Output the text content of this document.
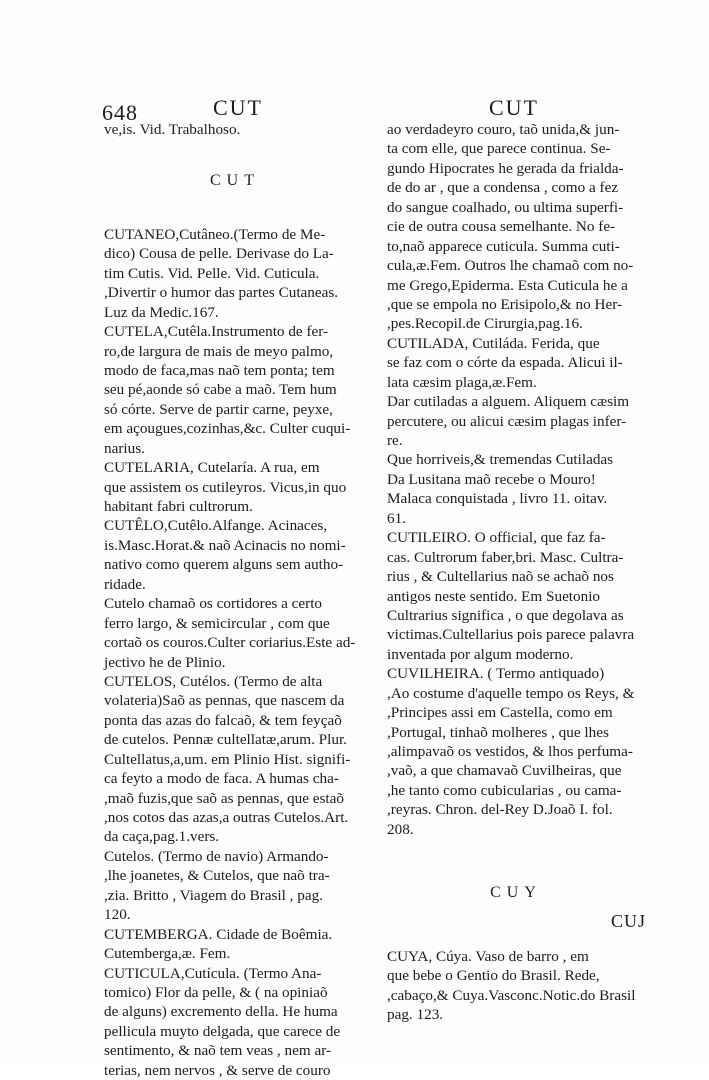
648	CUT	CUT
ve,is. Vid. Trabalhoso.
CUT
CUTANEO,Cutâneo.(Termo de Me-
dico) Cousa de pelle. Derivase do La-
tim Cutis. Vid. Pelle. Vid. Cuticula.
,Divertir o humor das partes Cutaneas.
Luz da Medic.167.
CUTELA,Cutêla.Instrumento de fer-
ro,de largura de mais de meyo palmo,
modo de faca,mas naõ tem ponta; tem
seu pé,aonde só cabe a maõ. Tem hum
só córte. Serve de partir carne, peyxe,
em açougues,cozinhas,&c. Culter cuqui-
narius.
CUTELARIA, Cutelaría. A rua, em
que assistem os cutileyros. Vicus,in quo
habitant fabri cultrorum.
CUTÊLO,Cutêlo.Alfange. Acinaces,
is.Masc.Horat.& naõ Acinacis no nomi-
nativo como querem alguns sem autho-
ridade.
Cutelo chamaõ os cortidores a certo
ferro largo, & semicircular , com que
cortaõ os couros.Culter coriarius.Este ad-
jectivo he de Plinio.
CUTELOS, Cutélos. (Termo de alta
volateria)Saõ as pennas, que nascem da
ponta das azas do falcaõ, & tem feyçaõ
de cutelos. Pennæ cultellatæ,arum. Plur.
Cultellatus,a,um. em Plinio Hist. signifi-
ca feyto a modo de faca. A humas cha-
,maõ fuzis,que saõ as pennas, que estaõ
,nos cotos das azas,a outras Cutelos.Art.
da caça,pag.1.vers.
Cutelos. (Termo de navio) Armando-
,lhe joanetes, & Cutelos, que naõ tra-
,zia. Britto , Viagem do Brasil , pag.
120.
CUTEMBERGA. Cidade de Boêmia.
Cutemberga,æ. Fem.
CUTICULA,Cutícula. (Termo Ana-
tomico) Flor da pelle, & ( na opiniaõ
de alguns) excremento della. He huma
pellicula muyto delgada, que carece de
sentimento, & naõ tem veas , nem ar-
terias, nem nervos , & serve de couro
ao verdadeyro couro, taõ unida,& jun-
ta com elle, que parece continua. Se-
gundo Hipocrates he gerada da frialda-
de do ar , que a condensa , como a fez
do sangue coalhado, ou ultima superfi-
cie de outra cousa semelhante. No fe-
to,naõ apparece cuticula. Summa cuti-
cula,æ.Fem. Outros lhe chamaõ com no-
me Grego,Epiderma. Esta Cuticula he a
,que se empola no Erisipolo,& no Her-
,pes.Recopil.de Cirurgia,pag.16.
CUTILADA, Cutiláda. Ferida, que
se faz com o córte da espada. Alicui il-
lata cæsim plaga,æ.Fem.
Dar cutiladas a alguem. Aliquem cæsim
percutere, ou alicui cæsim plagas infer-
re.
Que horriveis,& tremendas Cutiladas
Da Lusitana maõ recebe o Mouro!
Malaca conquistada , livro 11. oitav.
61.
CUTILEIRO. O official, que faz fa-
cas. Cultrorum faber,bri. Masc. Cultra-
rius , & Cultellarius naõ se achaõ nos
antigos neste sentido. Em Suetonio
Cultrarius significa , o que degolava as
victimas.Cultellarius pois parece palavra
inventada por algum moderno.
CUVILHEIRA. ( Termo antiquado)
,Ao costume d'aquelle tempo os Reys, &
,Principes assi em Castella, como em
,Portugal, tinhaõ molheres , que lhes
,alimpavaõ os vestidos, & lhos perfuma-
,vaõ, a que chamavaõ Cuvilheiras, que
,he tanto como cubicularias , ou cama-
,reyras. Chron. del-Rey D.Joaõ I. fol.
208.
CUY
CUYA, Cúya. Vaso de barro , em
que bebe o Gentio do Brasil. Rede,
,cabaço,& Cuya.Vasconc.Notic.do Brasil
pag. 123.
CUJ
